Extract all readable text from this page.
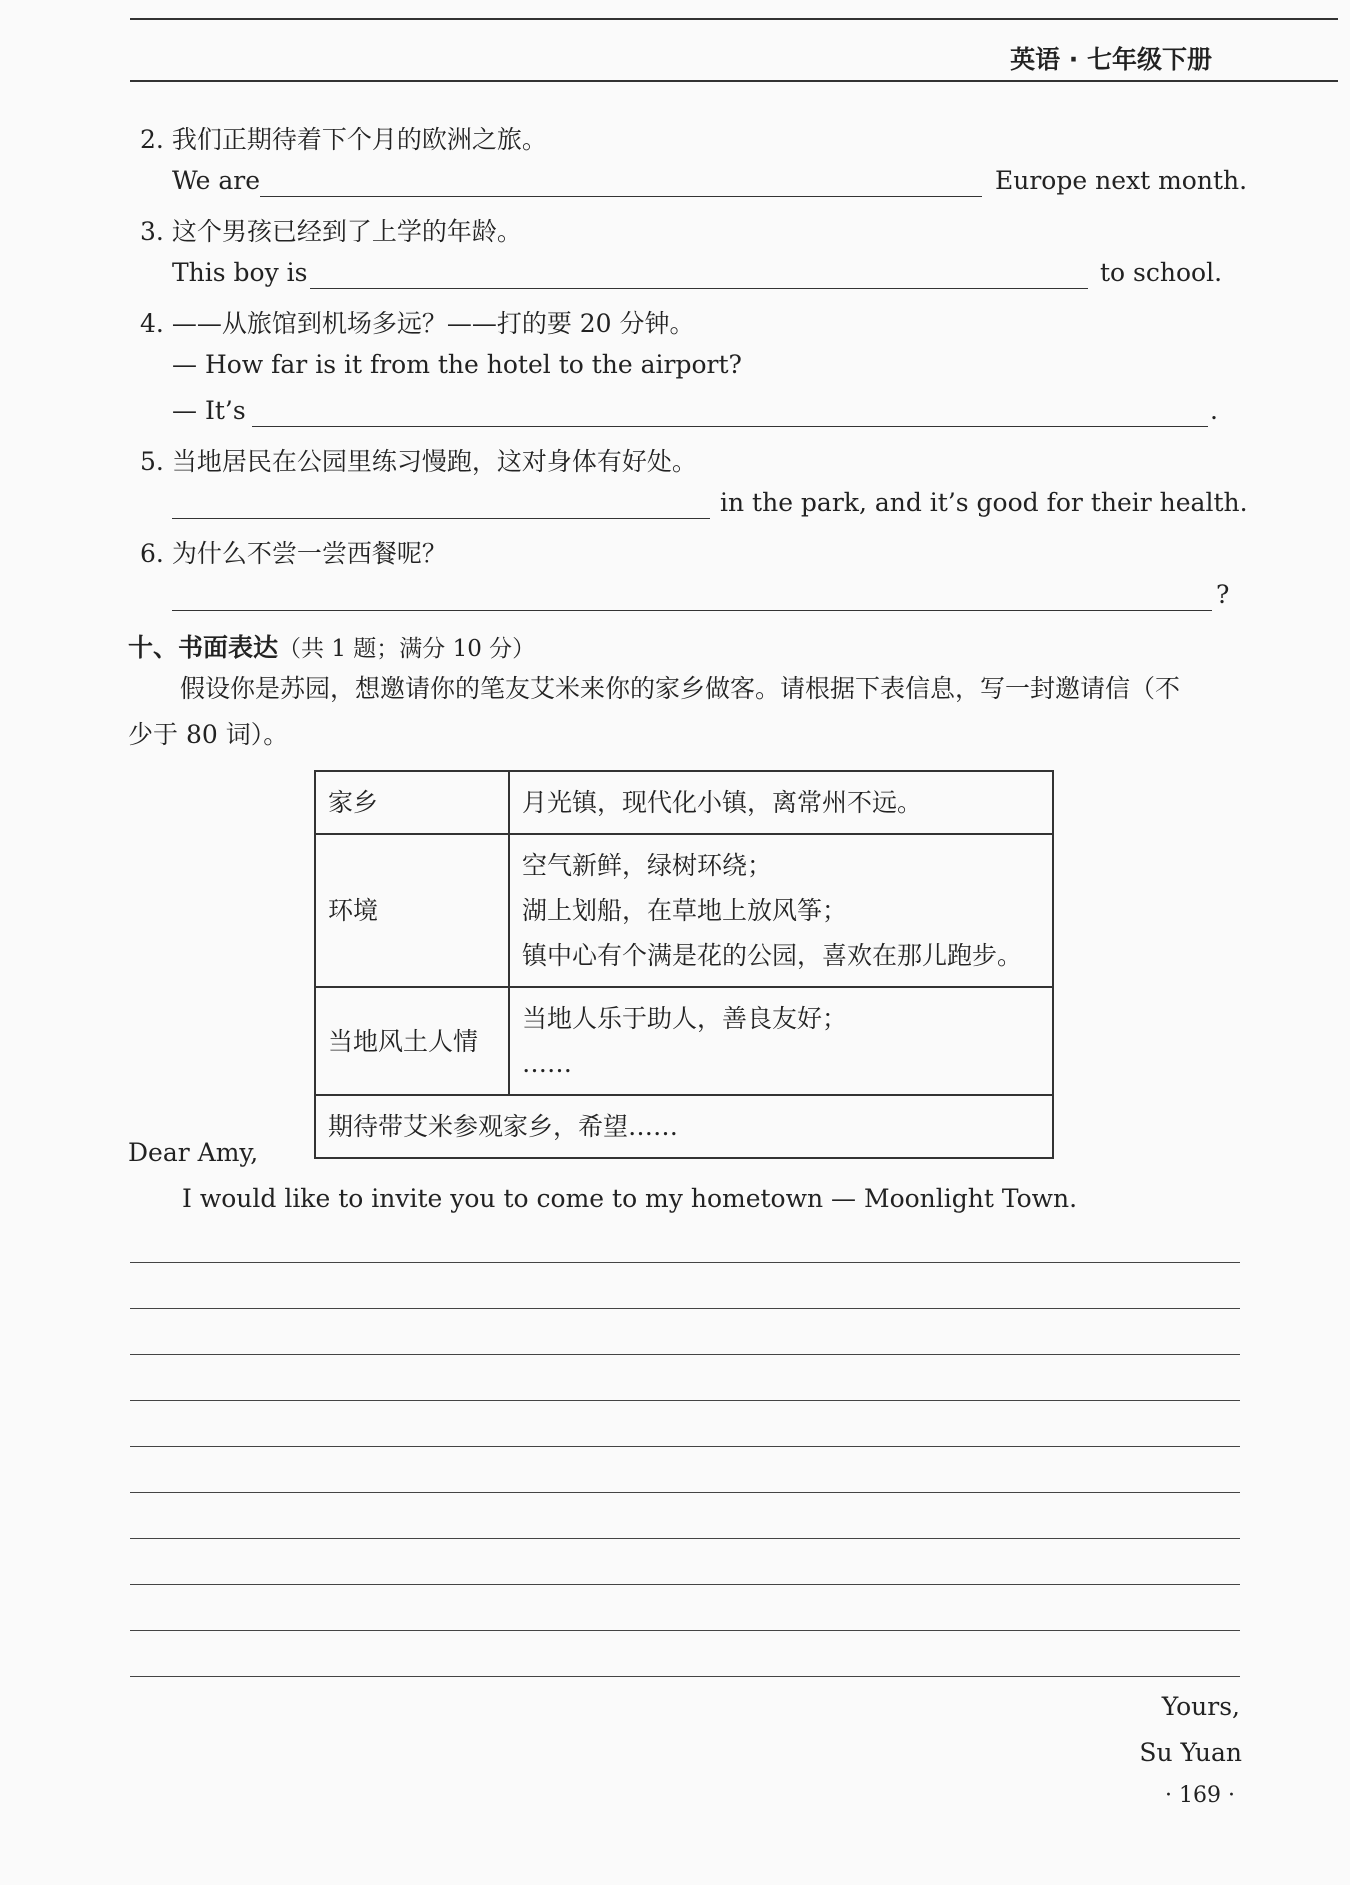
英语 · 七年级下册
2. 我们正期待着下个月的欧洲之旅。
We are	Europe next month.
3. 这个男孩已经到了上学的年龄。
This boy is	to school.
4. ——从旅馆到机场多远？——打的要 20 分钟。
— How far is it from the hotel to the airport?
— It’s	.
5. 当地居民在公园里练习慢跑，这对身体有好处。
in the park, and it’s good for their health.
6. 为什么不尝一尝西餐呢？
?
十、书面表达（共 1 题；满分 10 分）
假设你是苏园，想邀请你的笔友艾米来你的家乡做客。请根据下表信息，写一封邀请信（不
少于 80 词）。
家乡	月光镇，现代化小镇，离常州不远。

环境	空气新鲜，绿树环绕；
湖上划船，在草地上放风筝；
镇中心有个满是花的公园，喜欢在那儿跑步。

当地风土人情	当地人乐于助人，善良友好；
……

期待带艾米参观家乡，希望……	
Dear Amy,
I would like to invite you to come to my hometown — Moonlight Town.
Yours,
Su Yuan
· 169 ·
